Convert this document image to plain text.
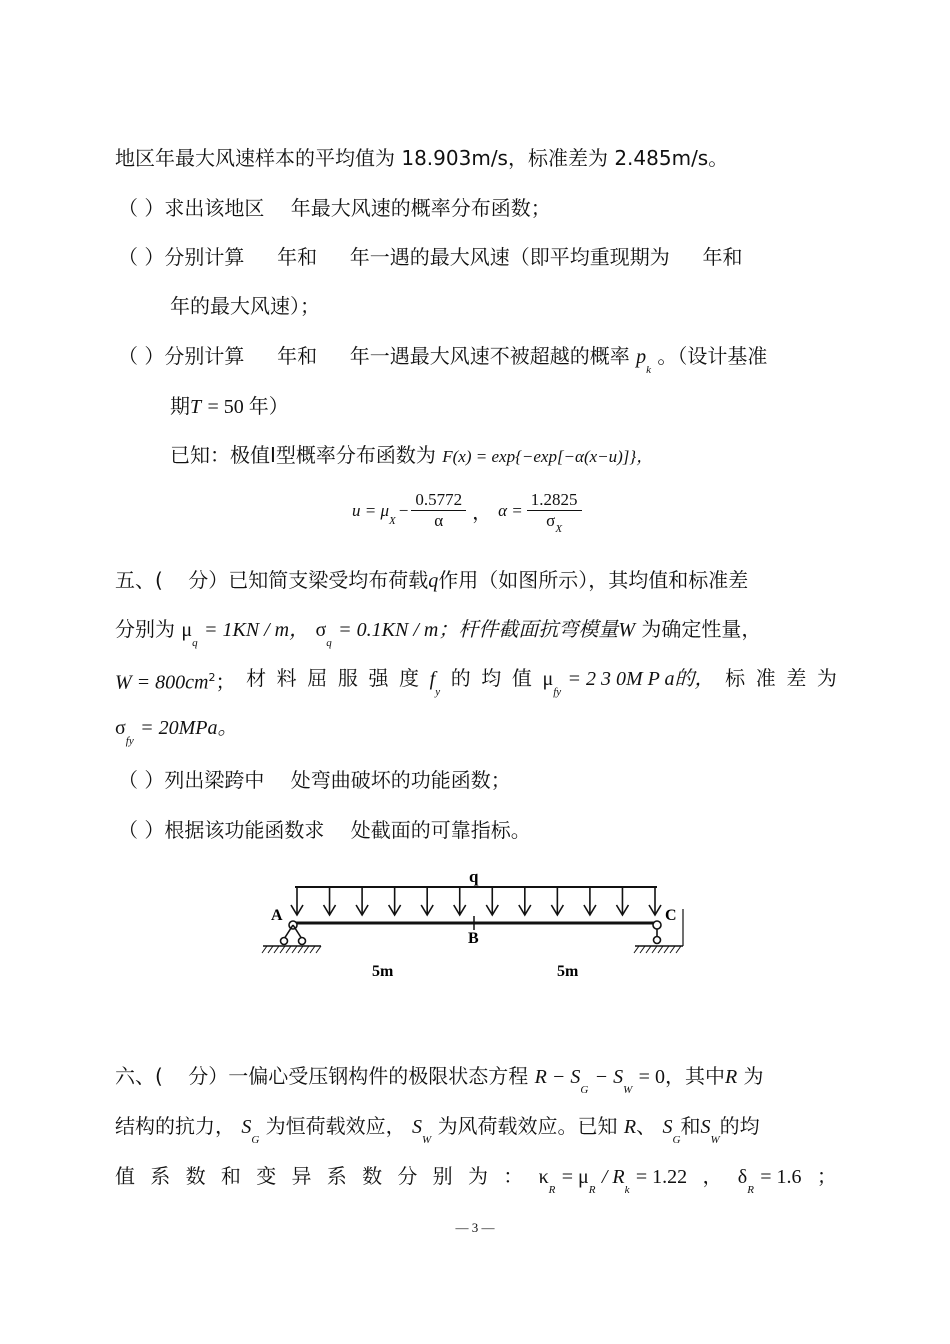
地区年最大风速样本的平均值为 18.903m/s，标准差为 2.485m/s。
（ ）求出该地区 　年最大风速的概率分布函数；
（ ）分别计算 　 年和 　 年一遇的最大风速（即平均重现期为 　 年和
年的最大风速）；
（ ）分别计算 　 年和 　 年一遇最大风速不被超越的概率 $p_k$ 。（设计基准
期T = 50 年）
已知：极值Ⅰ型概率分布函数为 F(x) = exp{−exp[−α(x−u)]}，
u = μ
X
− $\frac{0.5772}{\alpha}$ ， $\alpha = \frac{1.2825}{\sigma_X}$
五、( 分）已知简支梁受均布荷载q作用（如图所示），其均值和标准差
分别为 $\mu_q = 1KN / m$， $\sigma_q = 0.1KN / m$；杆件截面抗弯模量W 为确定性量，
$W = 800cm^2$； 材 料 屈 服 强 度 $f_y$
的 均 值 $\mu_{fy} = 2$ 3 0M P a的， 标 准 差 为
$\sigma_{fy} = 20MPa$。
（ ）列出梁跨中 　处弯曲破坏的功能函数；
（ ）根据该功能函数求 　处截面的可靠指标。
q
A	C
B
5m	5m
六、( 分）一偏心受压钢构件的极限状态方程 $R - S_G - S_W = 0$，其中R 为
结构的抗力， $S_G$ 为恒荷载效应， $S_W$ 为风荷载效应。已知 R、 $S_G$和$S_W$的均
值 系 数 和 变 异 系 数 分 别 为 ： $\kappa_R = \mu_R / R_k = 1.22$ ， $\delta_R = 1.6$ ；
— 3 —
